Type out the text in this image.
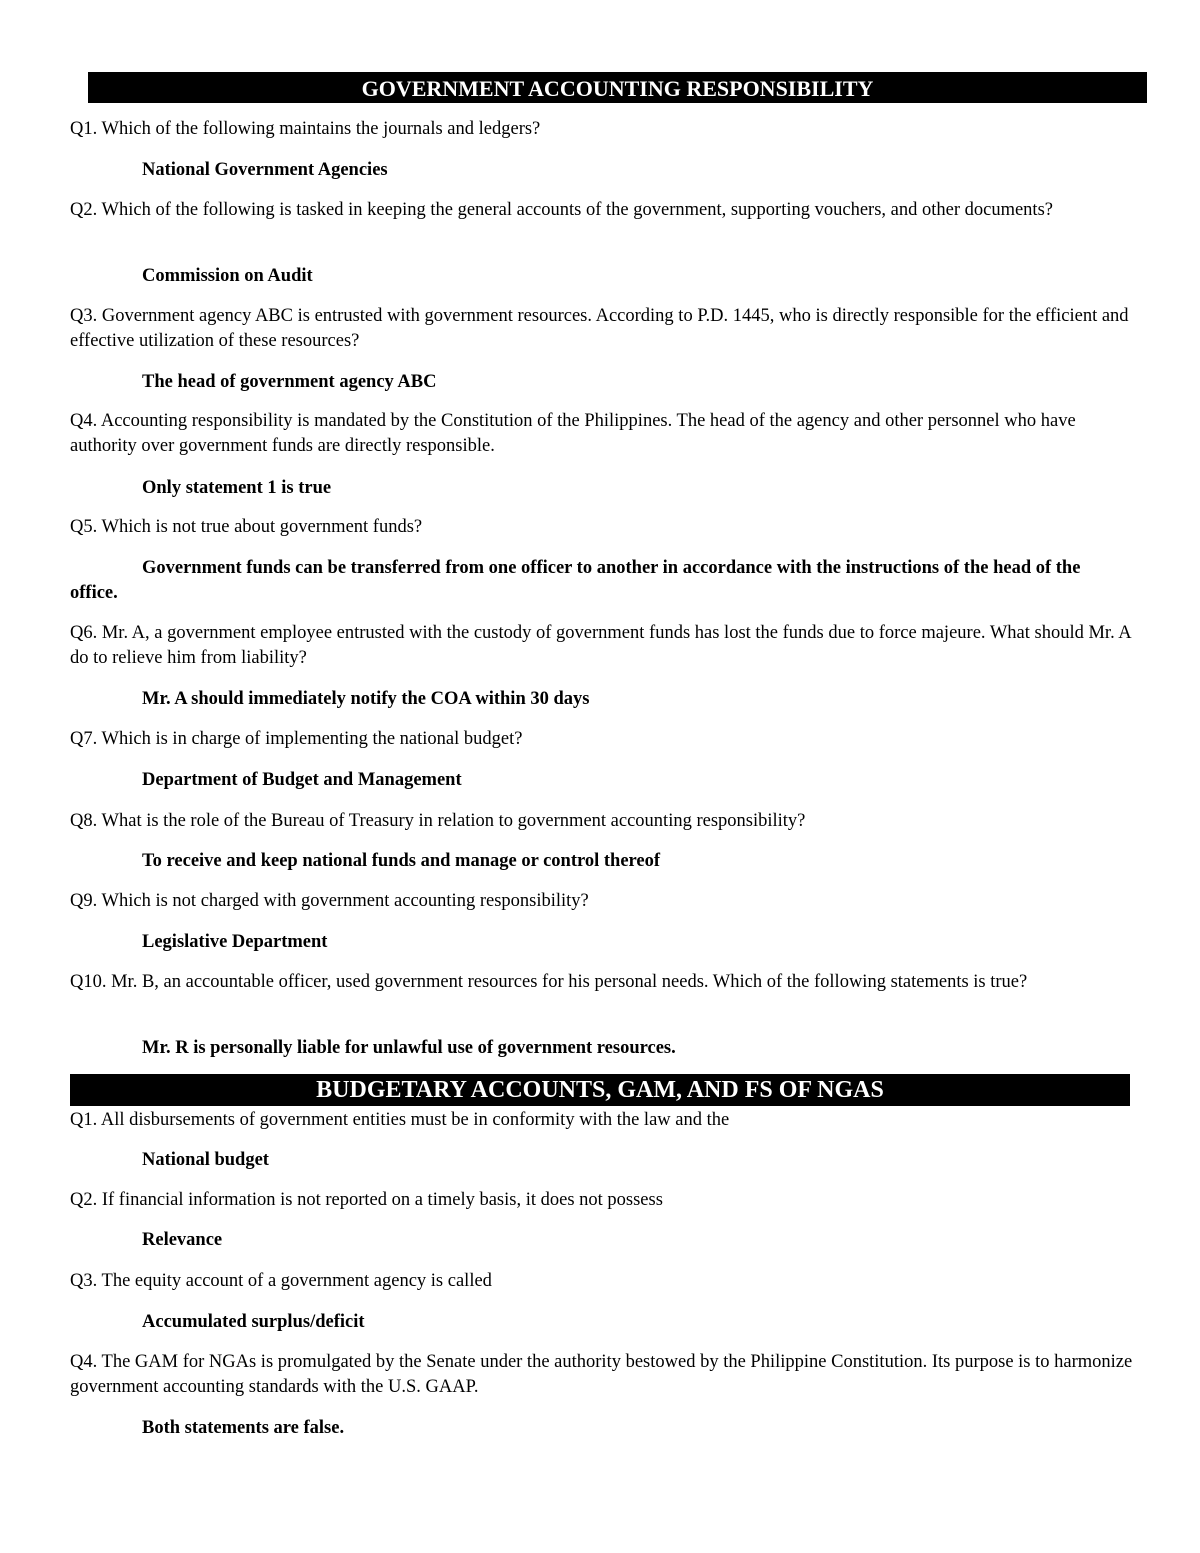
GOVERNMENT ACCOUNTING RESPONSIBILITY
Q1. Which of the following maintains the journals and ledgers?
National Government Agencies
Q2. Which of the following is tasked in keeping the general accounts of the government, supporting vouchers, and other documents?
Commission on Audit
Q3. Government agency ABC is entrusted with government resources. According to P.D. 1445, who is directly responsible for the efficient and effective utilization of these resources?
The head of government agency ABC
Q4. Accounting responsibility is mandated by the Constitution of the Philippines. The head of the agency and other personnel who have authority over government funds are directly responsible.
Only statement 1 is true
Q5. Which is not true about government funds?
Government funds can be transferred from one officer to another in accordance with the instructions of the head of the office.
Q6. Mr. A, a government employee entrusted with the custody of government funds has lost the funds due to force majeure. What should Mr. A do to relieve him from liability?
Mr. A should immediately notify the COA within 30 days
Q7. Which is in charge of implementing the national budget?
Department of Budget and Management
Q8. What is the role of the Bureau of Treasury in relation to government accounting responsibility?
To receive and keep national funds and manage or control thereof
Q9. Which is not charged with government accounting responsibility?
Legislative Department
Q10. Mr. B, an accountable officer, used government resources for his personal needs. Which of the following statements is true?
Mr. R is personally liable for unlawful use of government resources.
BUDGETARY ACCOUNTS, GAM, AND FS OF NGAS
Q1. All disbursements of government entities must be in conformity with the law and the
National budget
Q2. If financial information is not reported on a timely basis, it does not possess
Relevance
Q3. The equity account of a government agency is called
Accumulated surplus/deficit
Q4. The GAM for NGAs is promulgated by the Senate under the authority bestowed by the Philippine Constitution. Its purpose is to harmonize government accounting standards with the U.S. GAAP.
Both statements are false.
